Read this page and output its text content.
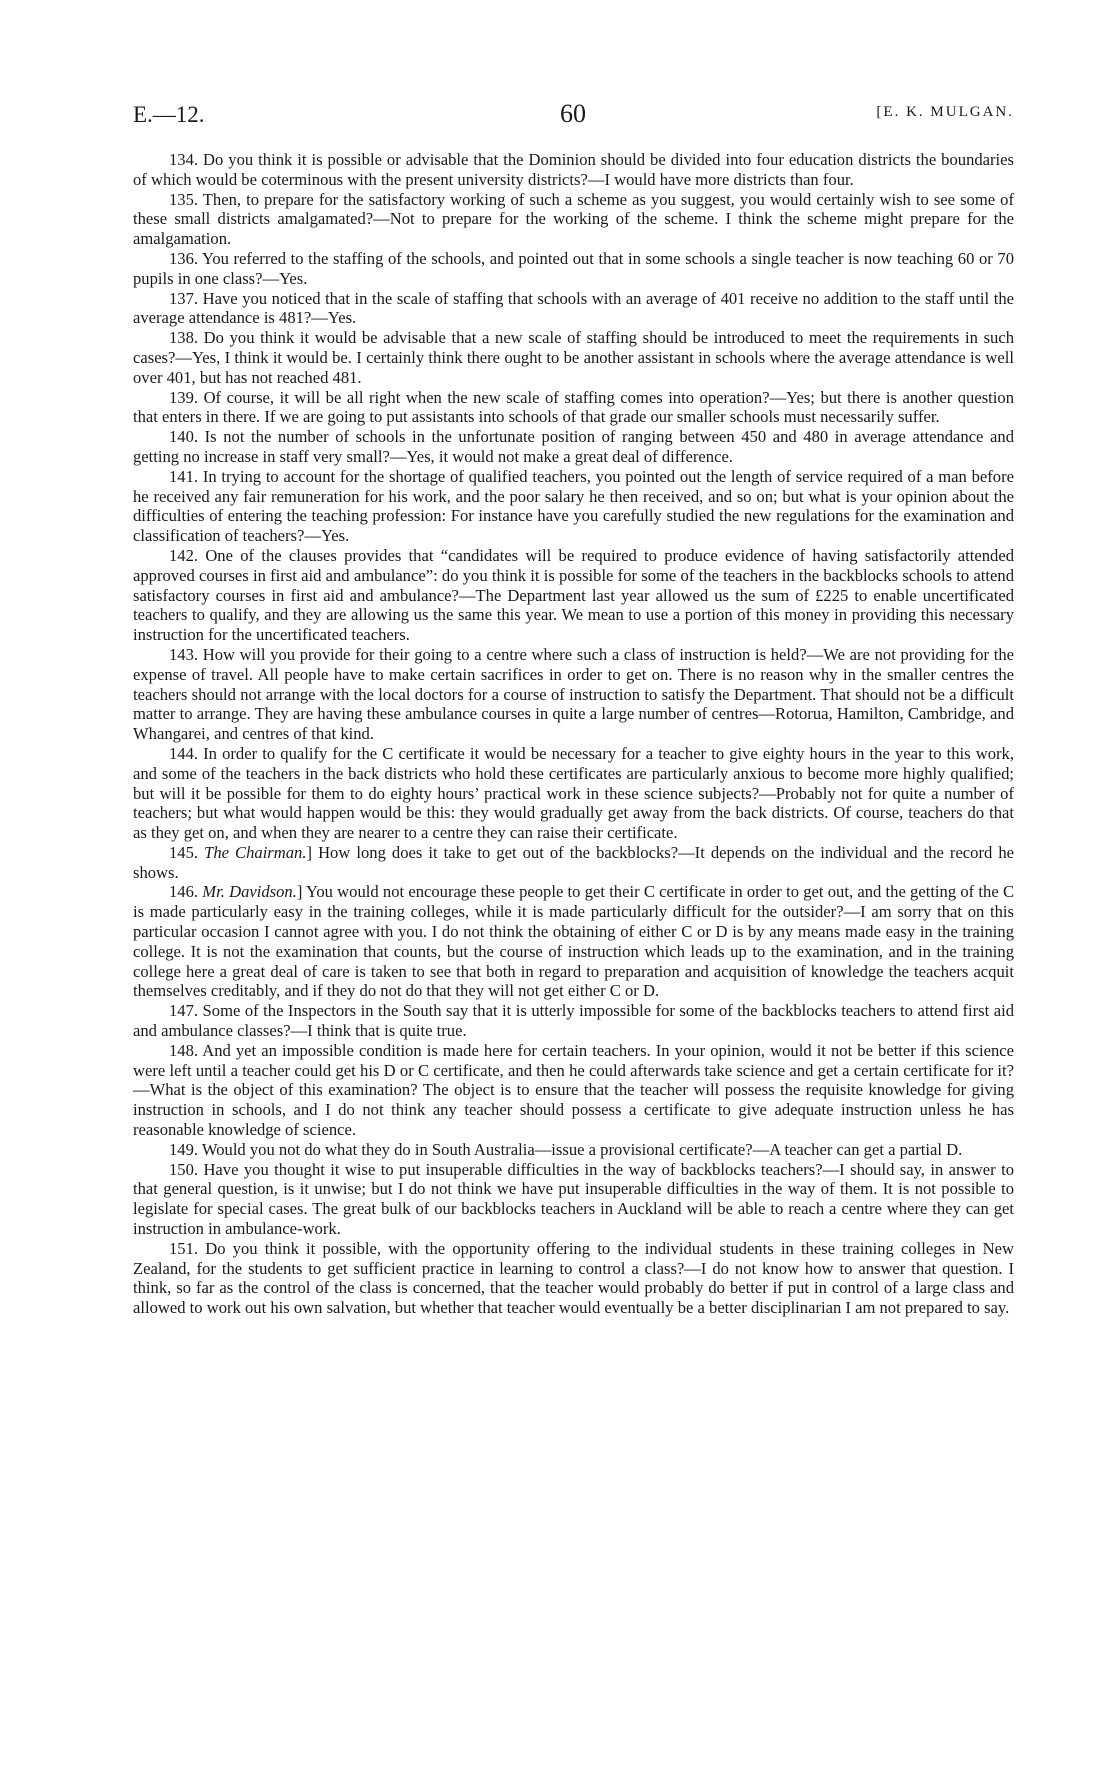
E.—12.	60	[E. K. MULGAN.

134. Do you think it is possible or advisable that the Dominion should be divided into four education districts the boundaries of which would be coterminous with the present university districts?—I would have more districts than four.

135. Then, to prepare for the satisfactory working of such a scheme as you suggest, you would certainly wish to see some of these small districts amalgamated?—Not to prepare for the working of the scheme. I think the scheme might prepare for the amalgamation.

136. You referred to the staffing of the schools, and pointed out that in some schools a single teacher is now teaching 60 or 70 pupils in one class?—Yes.

137. Have you noticed that in the scale of staffing that schools with an average of 401 receive no addition to the staff until the average attendance is 481?—Yes.

138. Do you think it would be advisable that a new scale of staffing should be introduced to meet the requirements in such cases?—Yes, I think it would be. I certainly think there ought to be another assistant in schools where the average attendance is well over 401, but has not reached 481.

139. Of course, it will be all right when the new scale of staffing comes into operation?—Yes; but there is another question that enters in there. If we are going to put assistants into schools of that grade our smaller schools must necessarily suffer.

140. Is not the number of schools in the unfortunate position of ranging between 450 and 480 in average attendance and getting no increase in staff very small?—Yes, it would not make a great deal of difference.

141. In trying to account for the shortage of qualified teachers, you pointed out the length of service required of a man before he received any fair remuneration for his work, and the poor salary he then received, and so on; but what is your opinion about the difficulties of entering the teaching profession: For instance have you carefully studied the new regulations for the examination and classification of teachers?—Yes.

142. One of the clauses provides that “candidates will be required to produce evidence of having satisfactorily attended approved courses in first aid and ambulance”: do you think it is possible for some of the teachers in the backblocks schools to attend satisfactory courses in first aid and ambulance?—The Department last year allowed us the sum of £225 to enable uncertificated teachers to qualify, and they are allowing us the same this year. We mean to use a portion of this money in providing this necessary instruction for the uncertificated teachers.

143. How will you provide for their going to a centre where such a class of instruction is held?—We are not providing for the expense of travel. All people have to make certain sacrifices in order to get on. There is no reason why in the smaller centres the teachers should not arrange with the local doctors for a course of instruction to satisfy the Department. That should not be a difficult matter to arrange. They are having these ambulance courses in quite a large number of centres—Rotorua, Hamilton, Cambridge, and Whangarei, and centres of that kind.

144. In order to qualify for the C certificate it would be necessary for a teacher to give eighty hours in the year to this work, and some of the teachers in the back districts who hold these certificates are particularly anxious to become more highly qualified; but will it be possible for them to do eighty hours’ practical work in these science subjects?—Probably not for quite a number of teachers; but what would happen would be this: they would gradually get away from the back districts. Of course, teachers do that as they get on, and when they are nearer to a centre they can raise their certificate.

145. The Chairman.] How long does it take to get out of the backblocks?—It depends on the individual and the record he shows.

146. Mr. Davidson.] You would not encourage these people to get their C certificate in order to get out, and the getting of the C is made particularly easy in the training colleges, while it is made particularly difficult for the outsider?—I am sorry that on this particular occasion I cannot agree with you. I do not think the obtaining of either C or D is by any means made easy in the training college. It is not the examination that counts, but the course of instruction which leads up to the examination, and in the training college here a great deal of care is taken to see that both in regard to preparation and acquisition of knowledge the teachers acquit themselves creditably, and if they do not do that they will not get either C or D.

147. Some of the Inspectors in the South say that it is utterly impossible for some of the backblocks teachers to attend first aid and ambulance classes?—I think that is quite true.

148. And yet an impossible condition is made here for certain teachers. In your opinion, would it not be better if this science were left until a teacher could get his D or C certificate, and then he could afterwards take science and get a certain certificate for it?—What is the object of this examination? The object is to ensure that the teacher will possess the requisite knowledge for giving instruction in schools, and I do not think any teacher should possess a certificate to give adequate instruction unless he has reasonable knowledge of science.

149. Would you not do what they do in South Australia—issue a provisional certificate?—A teacher can get a partial D.

150. Have you thought it wise to put insuperable difficulties in the way of backblocks teachers?—I should say, in answer to that general question, is it unwise; but I do not think we have put insuperable difficulties in the way of them. It is not possible to legislate for special cases. The great bulk of our backblocks teachers in Auckland will be able to reach a centre where they can get instruction in ambulance-work.

151. Do you think it possible, with the opportunity offering to the individual students in these training colleges in New Zealand, for the students to get sufficient practice in learning to control a class?—I do not know how to answer that question. I think, so far as the control of the class is concerned, that the teacher would probably do better if put in control of a large class and allowed to work out his own salvation, but whether that teacher would eventually be a better disciplinarian I am not prepared to say.
